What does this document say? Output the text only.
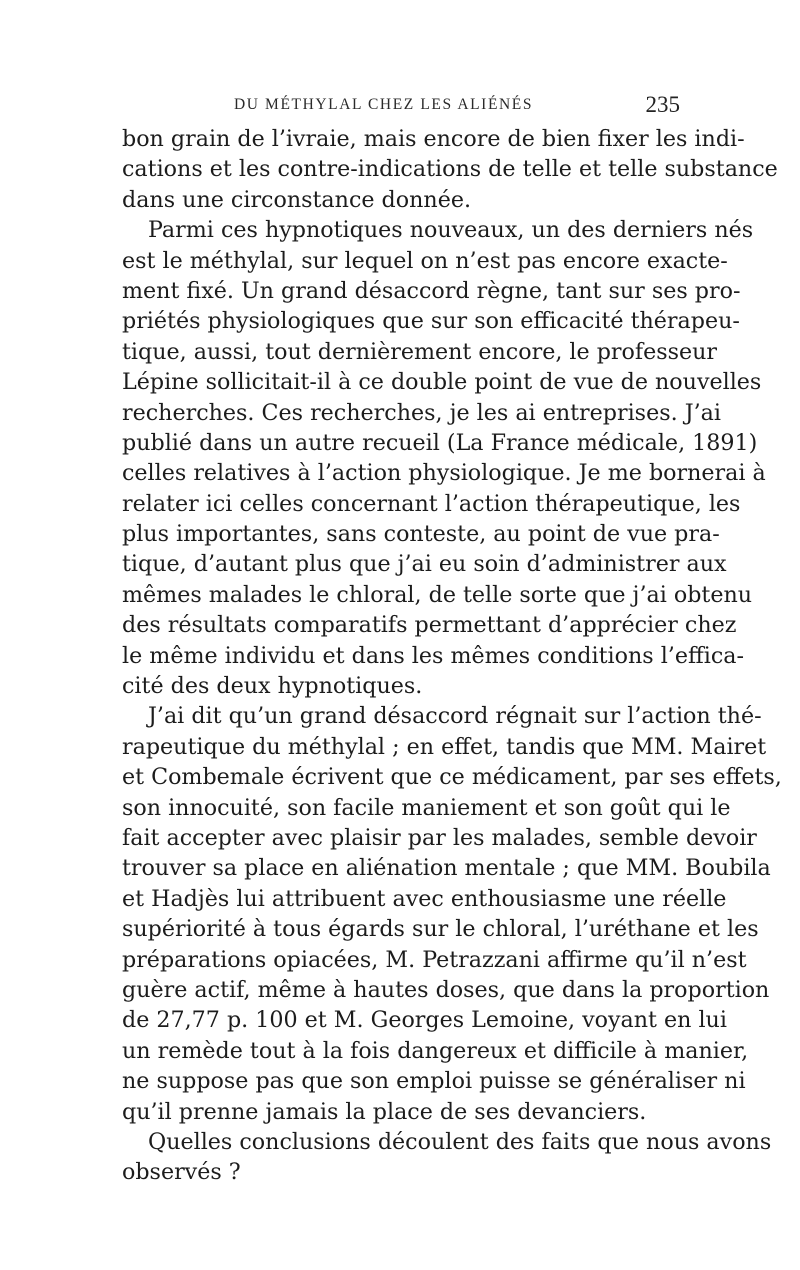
DU MÉTHYLAL CHEZ LES ALIÉNÉS	235
bon grain de l’ivraie, mais encore de bien fixer les indi-
cations et les contre-indications de telle et telle substance
dans une circonstance donnée.
Parmi ces hypnotiques nouveaux, un des derniers nés
est le méthylal, sur lequel on n’est pas encore exacte-
ment fixé. Un grand désaccord règne, tant sur ses pro-
priétés physiologiques que sur son efficacité thérapeu-
tique, aussi, tout dernièrement encore, le professeur
Lépine sollicitait-il à ce double point de vue de nouvelles
recherches. Ces recherches, je les ai entreprises. J’ai
publié dans un autre recueil (La France médicale, 1891)
celles relatives à l’action physiologique. Je me bornerai à
relater ici celles concernant l’action thérapeutique, les
plus importantes, sans conteste, au point de vue pra-
tique, d’autant plus que j’ai eu soin d’administrer aux
mêmes malades le chloral, de telle sorte que j’ai obtenu
des résultats comparatifs permettant d’apprécier chez
le même individu et dans les mêmes conditions l’effica-
cité des deux hypnotiques.
J’ai dit qu’un grand désaccord régnait sur l’action thé-
rapeutique du méthylal ; en effet, tandis que MM. Mairet
et Combemale écrivent que ce médicament, par ses effets,
son innocuité, son facile maniement et son goût qui le
fait accepter avec plaisir par les malades, semble devoir
trouver sa place en aliénation mentale ; que MM. Boubila
et Hadjès lui attribuent avec enthousiasme une réelle
supériorité à tous égards sur le chloral, l’uréthane et les
préparations opiacées, M. Petrazzani affirme qu’il n’est
guère actif, même à hautes doses, que dans la proportion
de 27,77 p. 100 et M. Georges Lemoine, voyant en lui
un remède tout à la fois dangereux et difficile à manier,
ne suppose pas que son emploi puisse se généraliser ni
qu’il prenne jamais la place de ses devanciers.
Quelles conclusions découlent des faits que nous avons
observés ?
